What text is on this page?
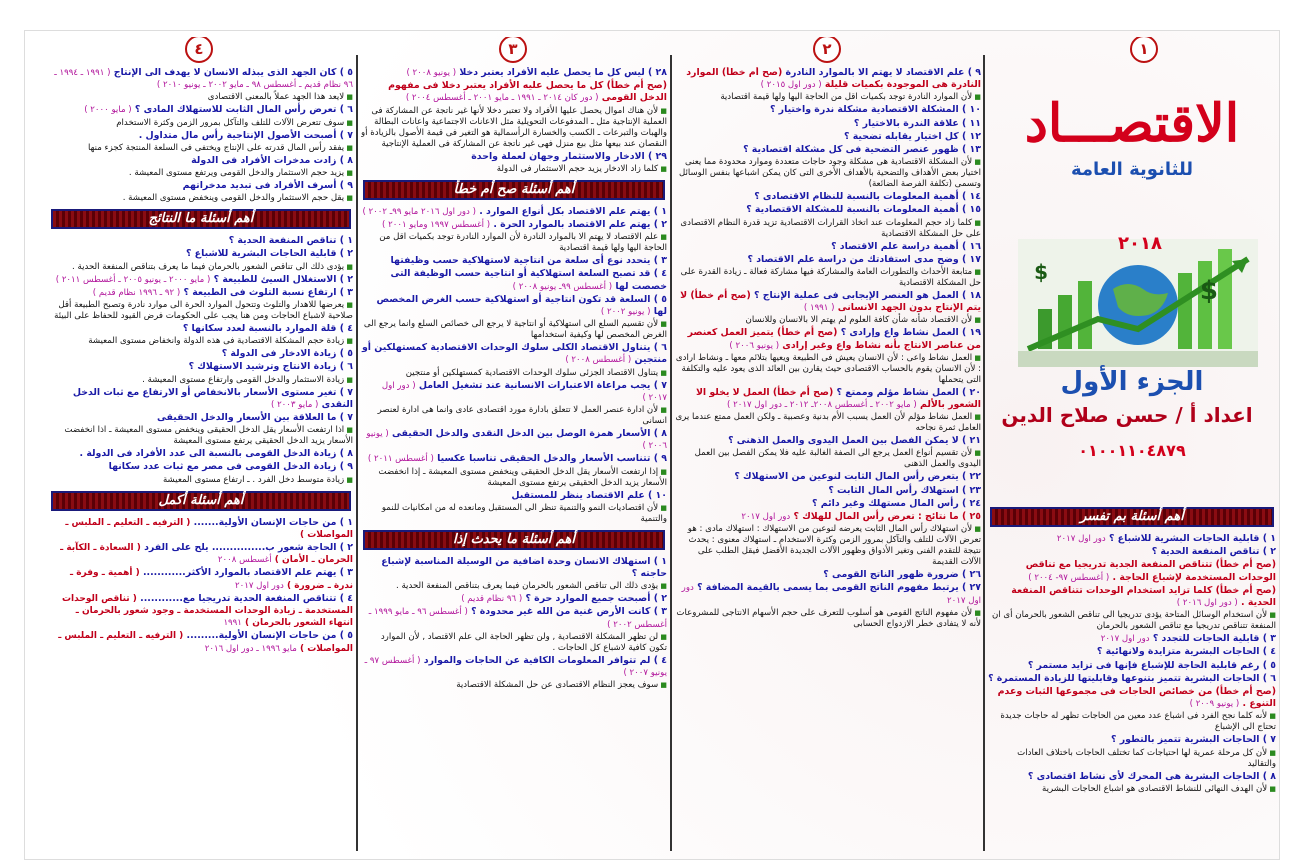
١
الاقتصـــاد
للثانوية العامة
$
$
٢٠١٨
الجزء الأول
اعداد أ / حسن صلاح الدين
٠١٠٠١١٠٤٨٧٩
أهم أسئلة بم تفسر
١ ) قابلية الحاجات البشرية للاشباع ؟ دور اول ٢٠١٧
٢ ) تناقص المنفعة الحدية ؟
(صح أم خطأ) تتناقص المنفعة الجدية تدريجيا مع تناقص الوحدات المستخدمة لإشباع الحاجة . ( أغسطس ٩٧- ٢٠٠٤ )
(صح أم خطأ) كلما تزايد استخدام الوحدات تتناقص المنفعة الحدية . ( دور اول ٢٠١٦ )
■ لأن استخدام الوسائل المتاحة يؤدى تدريجيا الى تناقص الشعور بالحرمان أى ان المنفعة تتناقص تدريجيا مع تناقص الشعور بالحرمان
٣ ) قابلية الحاجات للتجدد ؟ دور اول ٢٠١٧
٤ ) الحاجات البشرية متزايدة ولانهائية ؟
٥ ) رغم قابلية الحاجة للإشباع فإنها فى تزايد مستمر ؟
٦ ) الحاجات البشرية تتميز بتنوعها وقابليتها للزيادة المستمرة ؟
(صح أم خطأ) من خصائص الحاجات فى مجموعها الثبات وعدم التنوع . ( يونيو ٢٠٠٩ )
■ لأنه كلما نجح الفرد فى اشباع عدد معين من الحاجات تظهر له حاجات جديدة تحتاج الى الإشباع
٧ ) الحاجات البشرية تتميز بالتطور ؟
■ لأن كل مرحلة عمرية لها احتياجات كما تختلف الحاجات باختلاف العادات والتقاليد
٨ ) الحاجات البشرية هى المحرك لأى نشاط اقتصادى ؟
■ لأن الهدف النهائى للنشاط الاقتصادى هو اشباع الحاجات البشرية
٢
٩ ) علم الاقتصاد لا يهتم الا بالموارد النادرة (صح أم خطأ) الموارد النادرة هى الموجودة بكميات قليلة ( دور اول ٢٠١٥ )
■ لأن الموارد النادرة توجد بكميات اقل من الحاجة اليها ولها قيمة اقتصادية
١٠ ) المشكلة الاقتصادية مشكلة ندرة واختيار ؟
١١ ) علاقة الندرة بالاختيار ؟
١٢ ) كل اختيار يقابله تضحية ؟
١٣ ) ظهور عنصر التضحية فى كل مشكلة اقتصادية ؟
■ لأن المشكلة الاقتصادية هى مشكلة وجود حاجات متعددة وموارد محدودة مما يعنى اختيار بعض الأهداف والتضحية بالأهداف الأخرى التى كان يمكن اشباعها بنفس الوسائل وتسمى (تكلفة الفرصة الضائعة)
١٤ ) أهمية المعلومات بالنسبة للنظام الاقتصادى ؟
١٥ ) أهمية المعلومات بالنسبة للمشكلة الاقتصادية ؟
■ كلما زاد حجم المعلومات عند اتخاذ القرارات الاقتصادية تزيد قدرة النظام الاقتصادى على حل المشكلة الاقتصادية
١٦ ) أهمية دراسة علم الاقتصاد ؟
١٧ ) وضح مدى استفادتك من دراسة علم الاقتصاد ؟
■ متابعة الأحداث والتطورات العامة والمشاركة فيها مشاركة فعالة ـ زيادة القدرة على حل المشكلة الاقتصادية
١٨ ) العمل هو العنصر الإيجابى فى عملية الإنتاج ؟ (صح أم خطأ) لا يتم الإنتاج بدون الجهد الانسانى ( ١٩٩١ )
■ لأن الاقتصاد شأنه شأن كافة العلوم لم يهتم الا بالانسان وللانسان
١٩ ) العمل نشاط واع وإرادى ؟ (صح أم خطأ) يتميز العمل كعنصر من عناصر الانتاج بأنه نشاط واع وغير إرادى ( يونيو ٢٠٠٦ )
■ العمل نشاط واعى : لأن الانسان يعيش فى الطبيعة ويعيها بتلائم معها ـ ونشاط ارادى : لأن الانسان يقوم بالحساب الاقتصادى حيث يقارن بين العائد الذى يعود عليه والتكلفة التى يتحملها
٢٠ ) العمل نشاط مؤلم وممتع ؟ (صح أم خطأ) العمل لا يخلو الا الشعور بالألم ( مايو ٢٠٠٢ ـ أغسطس ٢٠٠٨ـ ٢٠١٢ ـ دور اول ٢٠١٧ )
■ العمل نشاط مؤلم لأن العمل يسبب الأم بدنية وعصبية ـ ولكن العمل ممتع عندما يرى العامل ثمرة نجاحه
٢١ ) لا يمكن الفصل بين العمل اليدوى والعمل الذهنى ؟
■ لأن تقسيم أنواع العمل يرجع الى الصفة الغالبة عليه فلا يمكن الفصل بين العمل اليدوى والعمل الذهنى
٢٢ ) يتعرض رأس المال الثابت لنوعين من الاستهلاك ؟
٢٣ ) استهلاك رأس المال الثابت ؟
٢٤ ) رأس المال مستهلك وغير دائم ؟
٢٥ ) ما نتائج : تعرض رأس المال للهلاك ؟ دور اول ٢٠١٧
■ لأن استهلاك رأس المال الثابت يعرضه لنوعين من الاستهلاك : استهلاك مادى : هو تعرض الآلات للتلف والتآكل بمرور الزمن وكثرة الاستخدام ـ استهلاك معنوى : يحدث نتيجة للتقدم الفنى وتغير الأذواق وظهور الآلات الجديدة الأفضل فيقل الطلب على الآلات القديمة
٢٦ ) ضرورة ظهور الناتج القومى ؟
٢٧ ) يرتبط مفهوم الناتج القومى بما يسمى بالقيمة المضافة ؟ دور اول ٢٠١٧
■ لأن مفهوم الناتج القومى هو أسلوب للتعرف على حجم الأسهام الانتاجى للمشروعات لأنه لا يتفادى خطر الازدواج الحسابى
٣
٢٨ ) ليس كل ما يحصل عليه الأفراد يعتبر دخلا ( يونيو ٢٠٠٨ )
(صح أم خطأ) كل ما يحصل عليه الأفراد يعتبر دخلا فى مفهوم الدخل القومى ( دور كان ٢٠١٤ ـ ١٩٩١ ـ مايو ٢٠٠١ ـ أغسطس ٢٠٠٤ )
■ لأن هناك اموال يحصل عليها الأفراد ولا تعتبر دخلا لأنها غير ناتجة عن المشاركة فى العملية الإنتاجية مثل ـ المدفوعات التحويلية مثل الاعانات الاجتماعية واعانات البطالة والهبات والتبرعات ـ الكسب والخسارة الرأسمالية هو التغير فى قيمة الأصول بالزيادة أو النقصان عند بيعها مثل بيع منزل فهى غير ناتجة عن المشاركة فى العملية الإنتاجية
٢٩ ) الادخار والاستثمار وجهان لعملة واحدة
■ كلما زاد الادخار يزيد حجم الاستثمار فى الدولة
أهم أسئلة صح أم خطأ
١ ) يهتم علم الاقتصاد بكل أنواع الموارد . ( دور اول ٢٠١٦ مايو ٩٩ـ ٢٠٠٢ )
٢ ) يهتم علم الاقتصاد بالموارد الحرة . ( أغسطس ١٩٩٧ ومايو ٢٠٠١ )
■ علم الاقتصاد لا يهتم الا بالموارد النادرة لأن الموارد النادرة توجد بكميات اقل من الحاجة اليها ولها قيمة اقتصادية
٣ ) يتحدد نوع أى سلعة من انتاجية لاستهلاكية حسب وظيفتها
٤ ) قد تصبح السلعة استهلاكية أو انتاجية حسب الوظيفة التى خصصت لها ( أغسطس ٩٩ـ يونيو ٢٠٠٨ )
٥ ) السلعة قد تكون انتاجية أو استهلاكية حسب الغرض المخصص لها ( يونيو ٢٠٠٢ )
■ لأن تقسيم السلع الى استهلاكية أو انتاجية لا يرجع الى خصائص السلع وانما يرجع الى الغرض المخصص لها وكيفية استخدامها
٦ ) يتناول الاقتصاد الكلى سلوك الوحدات الاقتصادية كمستهلكين أو منتجين ( أغسطس ٢٠٠٨ )
■ يتناول الاقتصاد الجزئى سلوك الوحدات الاقتصادية كمستهلكين أو منتجين
٧ ) يجب مراعاة الاعتبارات الانسانية عند تشغيل العامل ( دور اول ٢٠١٧ )
■ لأن ادارة عنصر العمل لا تتعلق بادارة مورد اقتصادى عادى وانما هى ادارة لعنصر انسانى
٨ ) الأسعار همزة الوصل بين الدخل النقدى والدخل الحقيقى ( يونيو ٢٠٠٦ )
٩ ) تتناسب الأسعار والدخل الحقيقى تناسبا عكسيا ( أغسطس ٢٠١١ )
■ إذا ارتفعت الأسعار يقل الدخل الحقيقى وينخفض مستوى المعيشة ـ إذا انخفضت الأسعار يزيد الدخل الحقيقى يرتفع مستوى المعيشة
١٠ ) علم الاقتصاد ينظر للمستقبل
■ لأن اقتصاديات النمو والتنمية تنظر الى المستقبل ومانعده له من امكانيات للنمو والتنمية
أهم أسئلة ما يحدث إذا
١ ) استهلاك الانسان وحدة اضافية من الوسيلة المناسبة لإشباع حاجته ؟
■ يؤدى ذلك الى تناقص الشعور بالحرمان فيما يعرف بتناقص المنفعة الحدية .
٢ ) أصبحت جميع الموارد حرة ؟ ( ٩٦ نظام قديم )
٣ ) كانت الأرض غنية من الله غير محدودة ؟ ( أغسطس ٩٦ ـ مايو ١٩٩٩ ـ أغسطس ٢٠٠٢ )
■ لن تظهر المشكلة الاقتصادية , ولن تظهر الحاجة الى علم الاقتصاد , لأن الموارد تكون كافية لاشباع كل الحاجات .
٤ ) لم تتوافر المعلومات الكافية عن الحاجات والموارد ( أغسطس ٩٧ ـ يونيو ٢٠٠٧ )
■ سوف يعجز النظام الاقتصادى عن حل المشكلة الاقتصادية
٤
٥ ) كان الجهد الذى يبذله الانسان لا يهدف الى الإنتاج ( ١٩٩١ ـ ١٩٩٤ ـ ٩٦ نظام قديم ـ أغسطس ٩٨ ـ مايو ٢٠٠٢ ـ يونيو ٢٠١٠ )
■ لايعد هذا الجهد عملاً بالمعنى الاقتصادى
٦ ) تعرض رأس المال الثابت للاستهلاك المادى ؟ ( مايو ٢٠٠٠ )
■ سوف تتعرض الآلات للتلف والتآكل بمرور الزمن وكثرة الاستخدام
٧ ) أصبحت الأصول الإنتاجية رأس مال متداول .
■ يفقد رأس المال قدرته على الإنتاج ويختفى فى السلعة المنتجة كجزء منها
٨ ) زادت مدخرات الأفراد فى الدولة
■ يزيد حجم الاستثمار والدخل القومى ويرتفع مستوى المعيشة .
٩ ) أسرف الأفراد فى تبديد مدخراتهم
■ يقل حجم الاستثمار والدخل القومى وينخفض مستوى المعيشة .
أهم أسئلة ما النتائج
١ ) تناقص المنفعة الحدية ؟
٢ ) قابلية الحاجات البشرية للاشباع ؟
■ يؤدى ذلك الى تناقص الشعور بالحرمان فيما ما يعرف بتناقص المنفعة الحدية .
٢ ) الاستغلال السيئ للطبيعة ؟ ( مايو ٢٠٠٠ ـ يونيو ٢٠٠٥ ـ أغسطس ٢٠١١ )
٣ ) ارتفاع نسبة التلوث فى الطبيعة ؟ ( ٩٢ ـ ١٩٩٦ نظام قديم )
■ يعرضها للاهدار والتلوث وتتحول الموارد الحرة الى موارد نادرة وتصبح الطبيعة أقل صلاحية لاشباع الحاجات ومن هنا يجب على الحكومات فرض القيود للحفاظ على البيئة
٤ ) قلة الموارد بالنسبة لعدد سكانها ؟
■ زيادة حجم المشكلة الاقتصادية فى هذه الدولة وانخفاض مستوى المعيشة
٥ ) زيادة الادخار فى الدولة ؟
٦ ) زيادة الانتاج وترشيد الاستهلاك ؟
■ زيادة الاستثمار والدخل القومى وارتفاع مستوى المعيشة .
٧ ) تغير مستوى الأسعار بالانخفاض أو الارتفاع مع ثبات الدخل النقدى ( مايو ٢٠٠٣ )
٧ ) ما العلاقة بين الأسعار والدخل الحقيقى
■ اذا ارتفعت الأسعار يقل الدخل الحقيقى وينخفض مستوى المعيشة ـ اذا انخفضت الأسعار يزيد الدخل الحقيقى يرتفع مستوى المعيشة
٨ ) زيادة الدخل القومى بالنسبة الى عدد الأفراد فى الدولة .
٩ ) زيادة الدخل القومى فى مصر مع ثبات عدد سكانها
■ زيادة متوسط دخل الفرد . ـ ارتفاع مستوى المعيشة
أهم أسئلة أكمل
١ ) من حاجات الإنسان الأولية....... ( الترفيه ـ التعليم ـ الملبس ـ المواصلات )
٢ ) الحاجة شعور ب............... يلح على الفرد ( السعادة ـ الكآبة ـ الحرمان ـ الأمان ) أغسطس ٢٠٠٨
٣ ) يهتم علم الاقتصاد بالموارد الأكثر............ ( أهمية ـ وفرة ـ ندرة ـ ضرورة ) دور اول ٢٠١٧
٤ ) تتناقص المنفعة الحدية تدريجيا مع............ ( تناقص الوحدات المستخدمة ـ زيادة الوحدات المستخدمة ـ وجود شعور بالحرمان ـ انتهاء الشعور بالحرمان ) ١٩٩١
٥ ) من حاجات الإنسان الأولية......... ( الترفيه ـ التعليم ـ الملبس ـ المواصلات ) مايو ١٩٩٦ ـ دور اول ٢٠١٦
